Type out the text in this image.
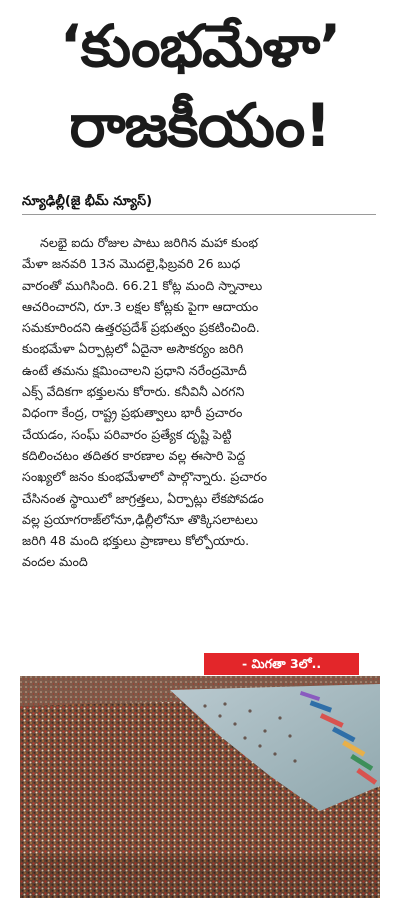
‘కుంభమేళా’
రాజకీయం!
న్యూఢిల్లీ(జై భీమ్ న్యూస్)
నలభై ఐదు రోజుల పాటు జరిగిన మహా కుంభ
మేళా జనవరి 13న మొదలై,ఫిబ్రవరి 26 బుధ
వారంతో ముగిసింది. 66.21 కోట్ల మంది స్నానాలు
ఆచరించారని, రూ.3 లక్షల కోట్లకు పైగా ఆదాయం
సమకూరిందని ఉత్తరప్రదేశ్ ప్రభుత్వం ప్రకటించింది.
కుంభమేళా ఏర్పాట్లలో ఏదైనా అసౌకర్యం జరిగి
ఉంటే తమను క్షమించాలని ప్రధాని నరేంద్రమోదీ
ఎక్స్ వేదికగా భక్తులను కోరారు. కనీవినీ ఎరగని
విధంగా కేంద్ర, రాష్ట్ర ప్రభుత్వాలు భారీ ప్రచారం
చేయడం, సంఘ్ పరివారం ప్రత్యేక దృష్టి పెట్టి
కదిలించటం తదితర కారణాల వల్ల ఈసారి పెద్ద
సంఖ్యలో జనం కుంభమేళాలో పాల్గొన్నారు. ప్రచారం
చేసినంత స్థాయిలో జాగ్రత్తలు, ఏర్పాట్లు లేకపోవడం
వల్ల ప్రయాగరాజ్‌లోనూ,ఢిల్లీలోనూ తొక్కిసలాటలు
జరిగి 48 మంది భక్తులు ప్రాణాలు కోల్పోయారు.
వందల మంది
- మిగతా 3లో..
